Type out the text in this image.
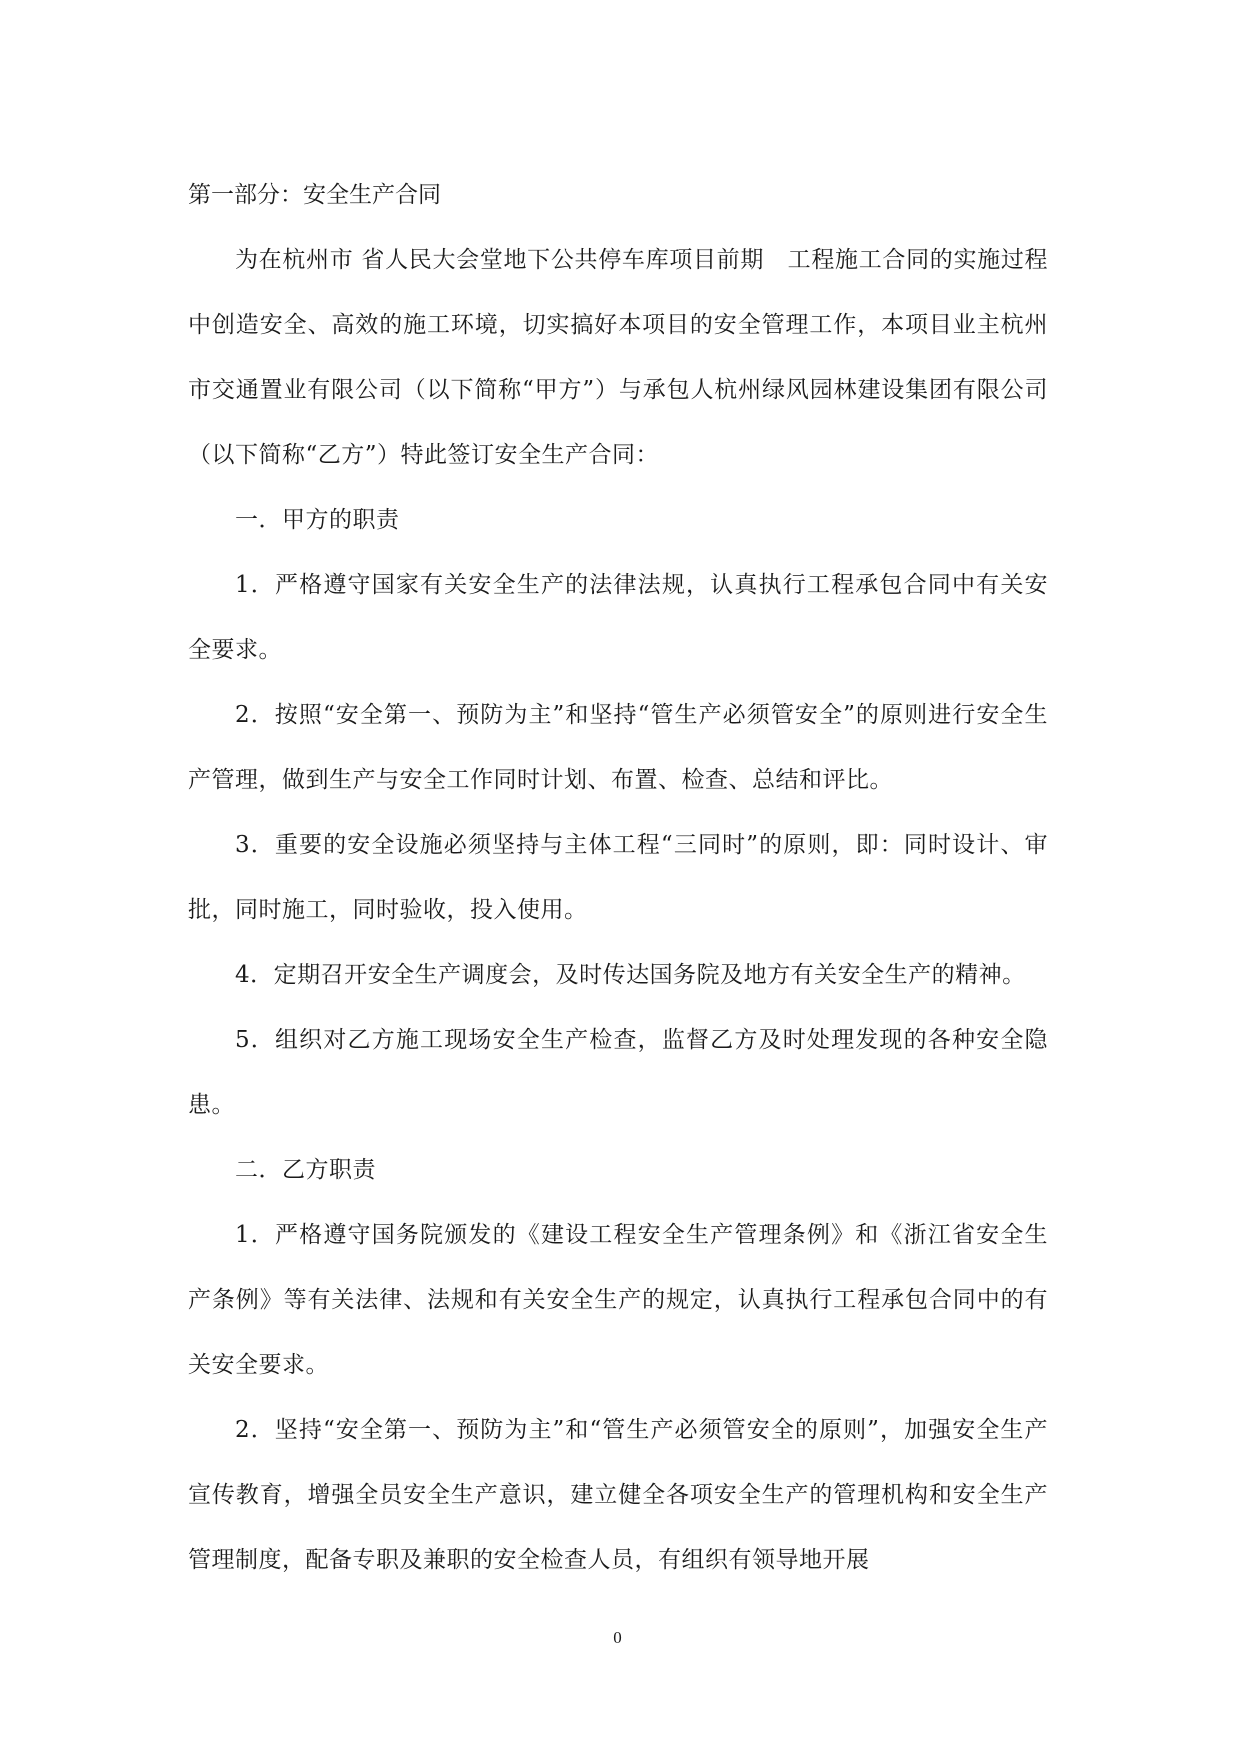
第一部分：安全生产合同

为在杭州市 省人民大会堂地下公共停车库项目前期　工程施工合同的实施过程中创造安全、高效的施工环境，切实搞好本项目的安全管理工作，本项目业主杭州市交通置业有限公司（以下简称“甲方”）与承包人杭州绿风园林建设集团有限公司（以下简称“乙方”）特此签订安全生产合同：

一．甲方的职责

1．严格遵守国家有关安全生产的法律法规，认真执行工程承包合同中有关安全要求。

2．按照“安全第一、预防为主”和坚持“管生产必须管安全”的原则进行安全生产管理，做到生产与安全工作同时计划、布置、检查、总结和评比。

3．重要的安全设施必须坚持与主体工程“三同时”的原则，即：同时设计、审批，同时施工，同时验收，投入使用。

4．定期召开安全生产调度会，及时传达国务院及地方有关安全生产的精神。

5．组织对乙方施工现场安全生产检查，监督乙方及时处理发现的各种安全隐患。

二．乙方职责

1．严格遵守国务院颁发的《建设工程安全生产管理条例》和《浙江省安全生产条例》等有关法律、法规和有关安全生产的规定，认真执行工程承包合同中的有关安全要求。

2．坚持“安全第一、预防为主”和“管生产必须管安全的原则”，加强安全生产宣传教育，增强全员安全生产意识，建立健全各项安全生产的管理机构和安全生产管理制度，配备专职及兼职的安全检查人员，有组织有领导地开展

0
